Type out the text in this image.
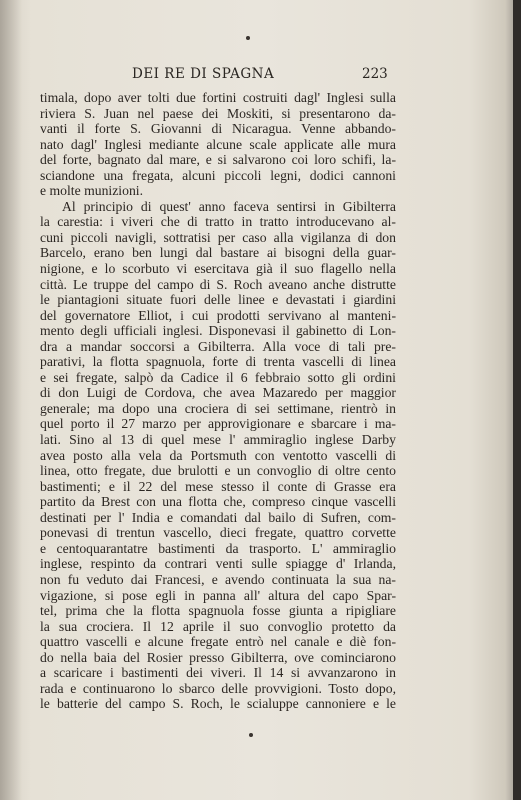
DEI RE DI SPAGNA	223
timala, dopo aver tolti due fortini costruiti dagl' Inglesi sulla
riviera S. Juan nel paese dei Moskiti, si presentarono da-
vanti il forte S. Giovanni di Nicaragua. Venne abbando-
nato dagl' Inglesi mediante alcune scale applicate alle mura
del forte, bagnato dal mare, e si salvarono coi loro schifi, la-
sciandone una fregata, alcuni piccoli legni, dodici cannoni
e molte munizioni.
Al principio di quest' anno faceva sentirsi in Gibilterra
la carestia: i viveri che di tratto in tratto introducevano al-
cuni piccoli navigli, sottratisi per caso alla vigilanza di don
Barcelo, erano ben lungi dal bastare ai bisogni della guar-
nigione, e lo scorbuto vi esercitava già il suo flagello nella
città. Le truppe del campo di S. Roch aveano anche distrutte
le piantagioni situate fuori delle linee e devastati i giardini
del governatore Elliot, i cui prodotti servivano al manteni-
mento degli ufficiali inglesi. Disponevasi il gabinetto di Lon-
dra a mandar soccorsi a Gibilterra. Alla voce di tali pre-
parativi, la flotta spagnuola, forte di trenta vascelli di linea
e sei fregate, salpò da Cadice il 6 febbraio sotto gli ordini
di don Luigi de Cordova, che avea Mazaredo per maggior
generale; ma dopo una crociera di sei settimane, rientrò in
quel porto il 27 marzo per approvigionare e sbarcare i ma-
lati. Sino al 13 di quel mese l' ammiraglio inglese Darby
avea posto alla vela da Portsmuth con ventotto vascelli di
linea, otto fregate, due brulotti e un convoglio di oltre cento
bastimenti; e il 22 del mese stesso il conte di Grasse era
partito da Brest con una flotta che, compreso cinque vascelli
destinati per l' India e comandati dal bailo di Sufren, com-
ponevasi di trentun vascello, dieci fregate, quattro corvette
e centoquarantatre bastimenti da trasporto. L' ammiraglio
inglese, respinto da contrari venti sulle spiagge d' Irlanda,
non fu veduto dai Francesi, e avendo continuata la sua na-
vigazione, si pose egli in panna all' altura del capo Spar-
tel, prima che la flotta spagnuola fosse giunta a ripigliare
la sua crociera. Il 12 aprile il suo convoglio protetto da
quattro vascelli e alcune fregate entrò nel canale e diè fon-
do nella baia del Rosier presso Gibilterra, ove cominciarono
a scaricare i bastimenti dei viveri. Il 14 si avvanzarono in
rada e continuarono lo sbarco delle provvigioni. Tosto dopo,
le batterie del campo S. Roch, le scialuppe cannoniere e le
